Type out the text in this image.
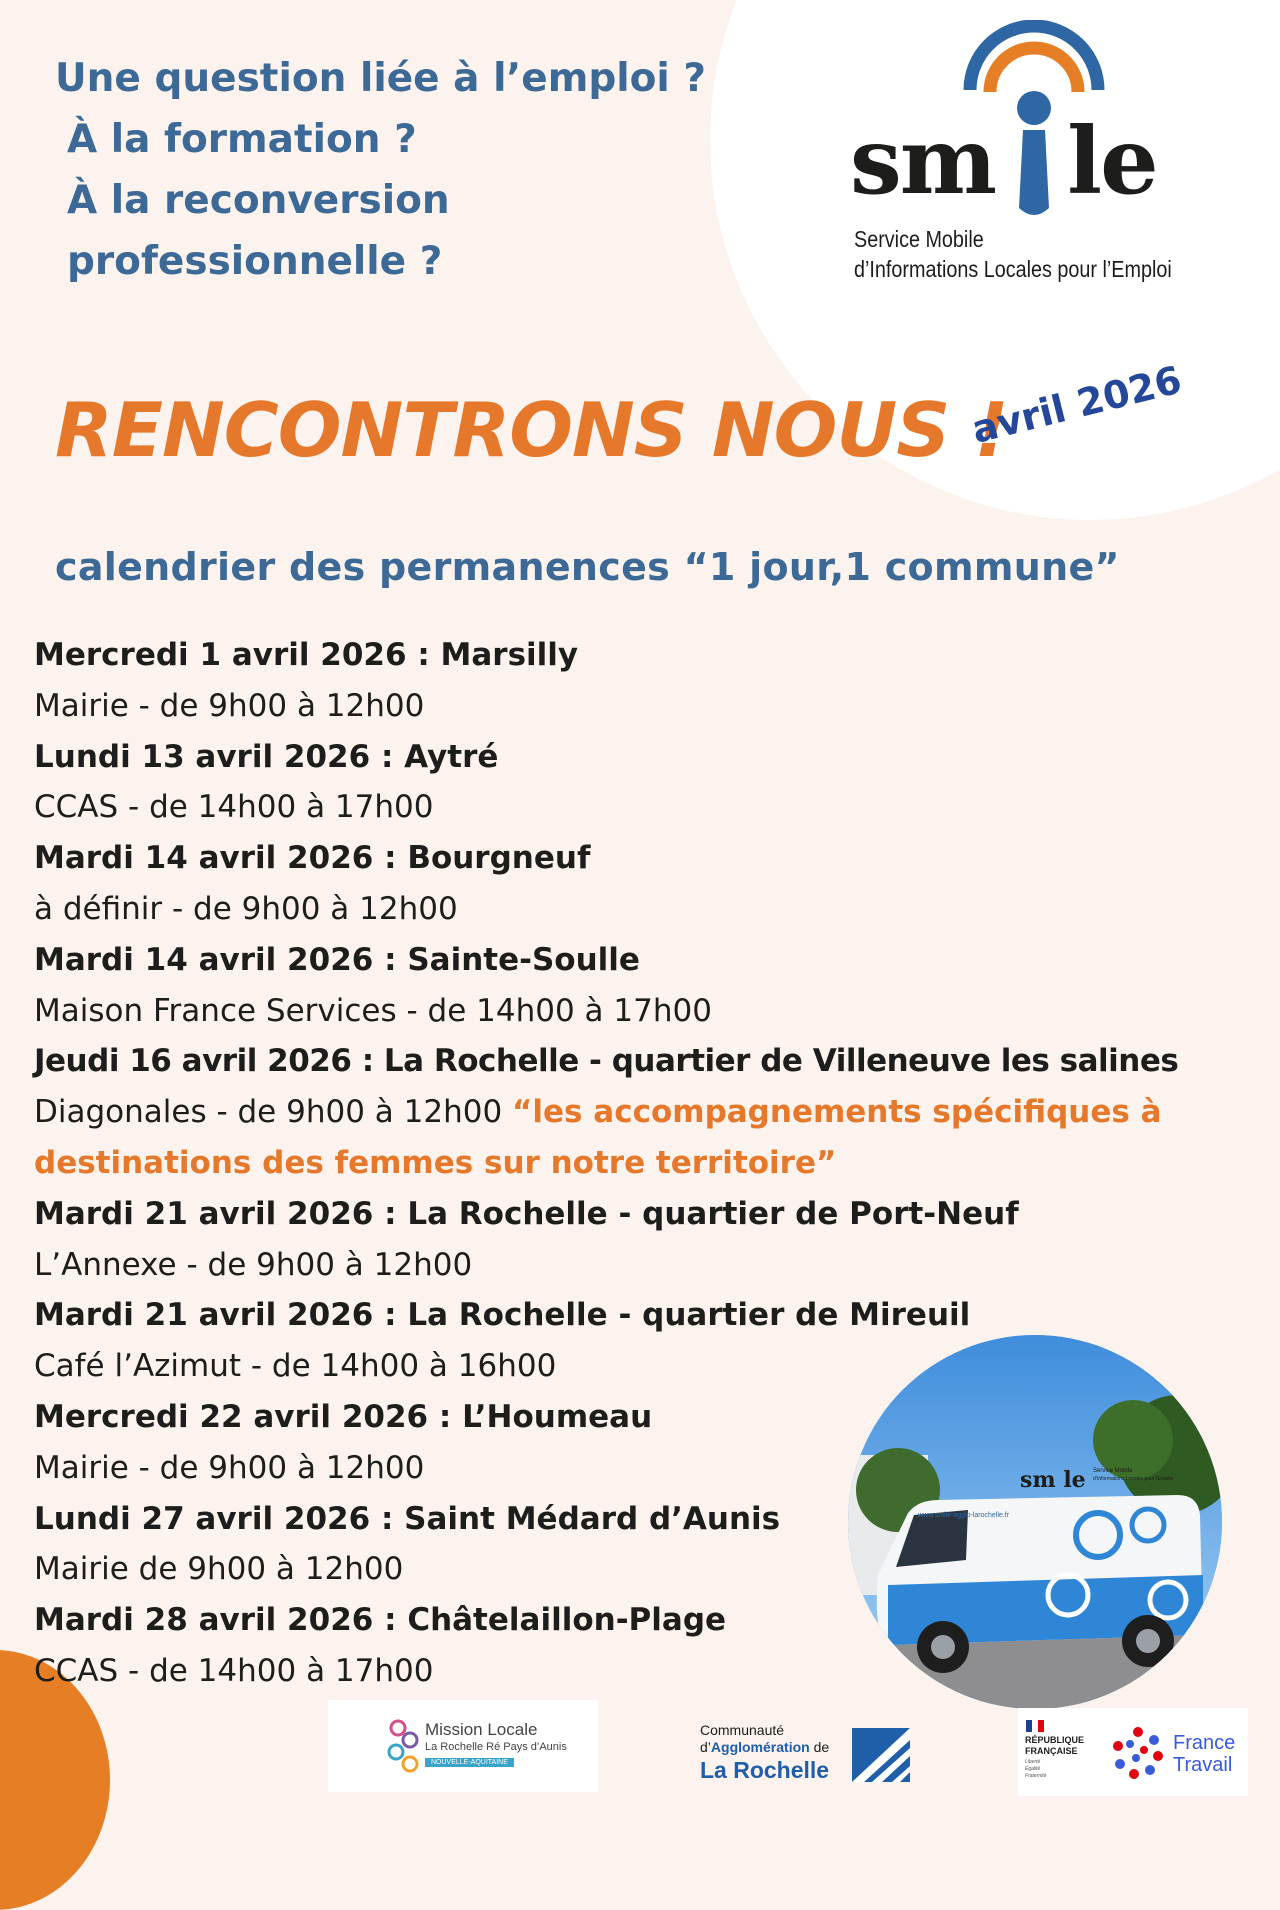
Une question liée à l’emploi ?
À la formation ?
À la reconversion
professionnelle ?

sm le

Service Mobile
d’Informations Locales pour l’Emploi

RENCONTRONS NOUS !

avril 2026

calendrier des permanences “1 jour,1 commune”
Mercredi 1 avril 2026 : Marsilly
Mairie - de 9h00 à 12h00
Lundi 13 avril 2026 : Aytré
CCAS - de 14h00 à 17h00
Mardi 14 avril 2026 : Bourgneuf
à définir - de 9h00 à 12h00
Mardi 14 avril 2026 : Sainte-Soulle
Maison France Services - de 14h00 à 17h00
Jeudi 16 avril 2026 : La Rochelle - quartier de Villeneuve les salines
Diagonales - de 9h00 à 12h00 “les accompagnements spécifiques à
destinations des femmes sur notre territoire”
Mardi 21 avril 2026 : La Rochelle - quartier de Port-Neuf
L’Annexe - de 9h00 à 12h00
Mardi 21 avril 2026 : La Rochelle - quartier de Mireuil
Café l’Azimut - de 14h00 à 16h00
Mercredi 22 avril 2026 : L’Houmeau
Mairie - de 9h00 à 12h00
Lundi 27 avril 2026 : Saint Médard d’Aunis
Mairie de 9h00 à 12h00
Mardi 28 avril 2026 : Châtelaillon-Plage
CCAS - de 14h00 à 17h00
sm le Service Mobile
d’Informations Locales pour l’Emploi
www.smile-agglo-larochelle.fr
Mission Locale
La Rochelle Ré Pays d’Aunis
NOUVELLE-AQUITAINE
Communauté
d’Agglomération de
La Rochelle
RÉPUBLIQUE
FRANÇAISE
Liberté
Égalité
Fraternité
France
Travail
